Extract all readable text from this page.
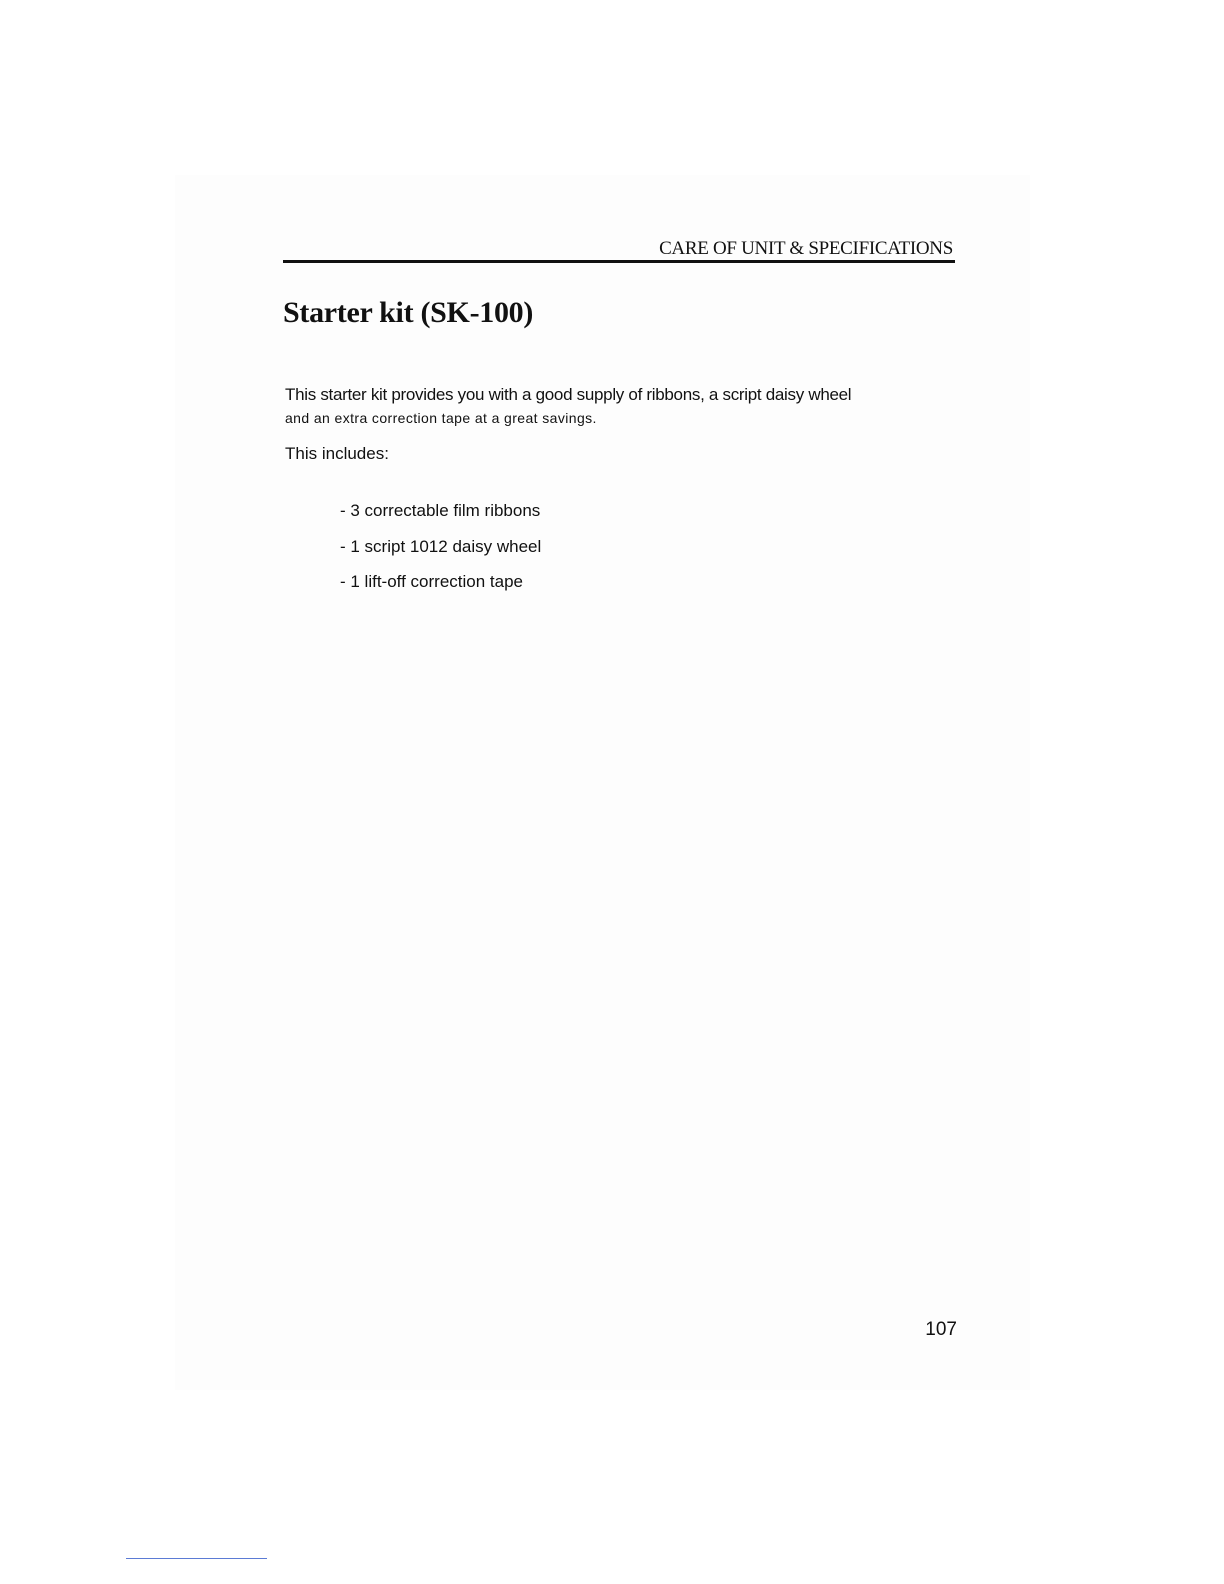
CARE OF UNIT & SPECIFICATIONS
Starter kit (SK-100)
This starter kit provides you with a good supply of ribbons, a script daisy wheel
and an extra correction tape at a great savings.
This includes:
- 3 correctable film ribbons
- 1 script 1012 daisy wheel
- 1 lift-off correction tape
107
